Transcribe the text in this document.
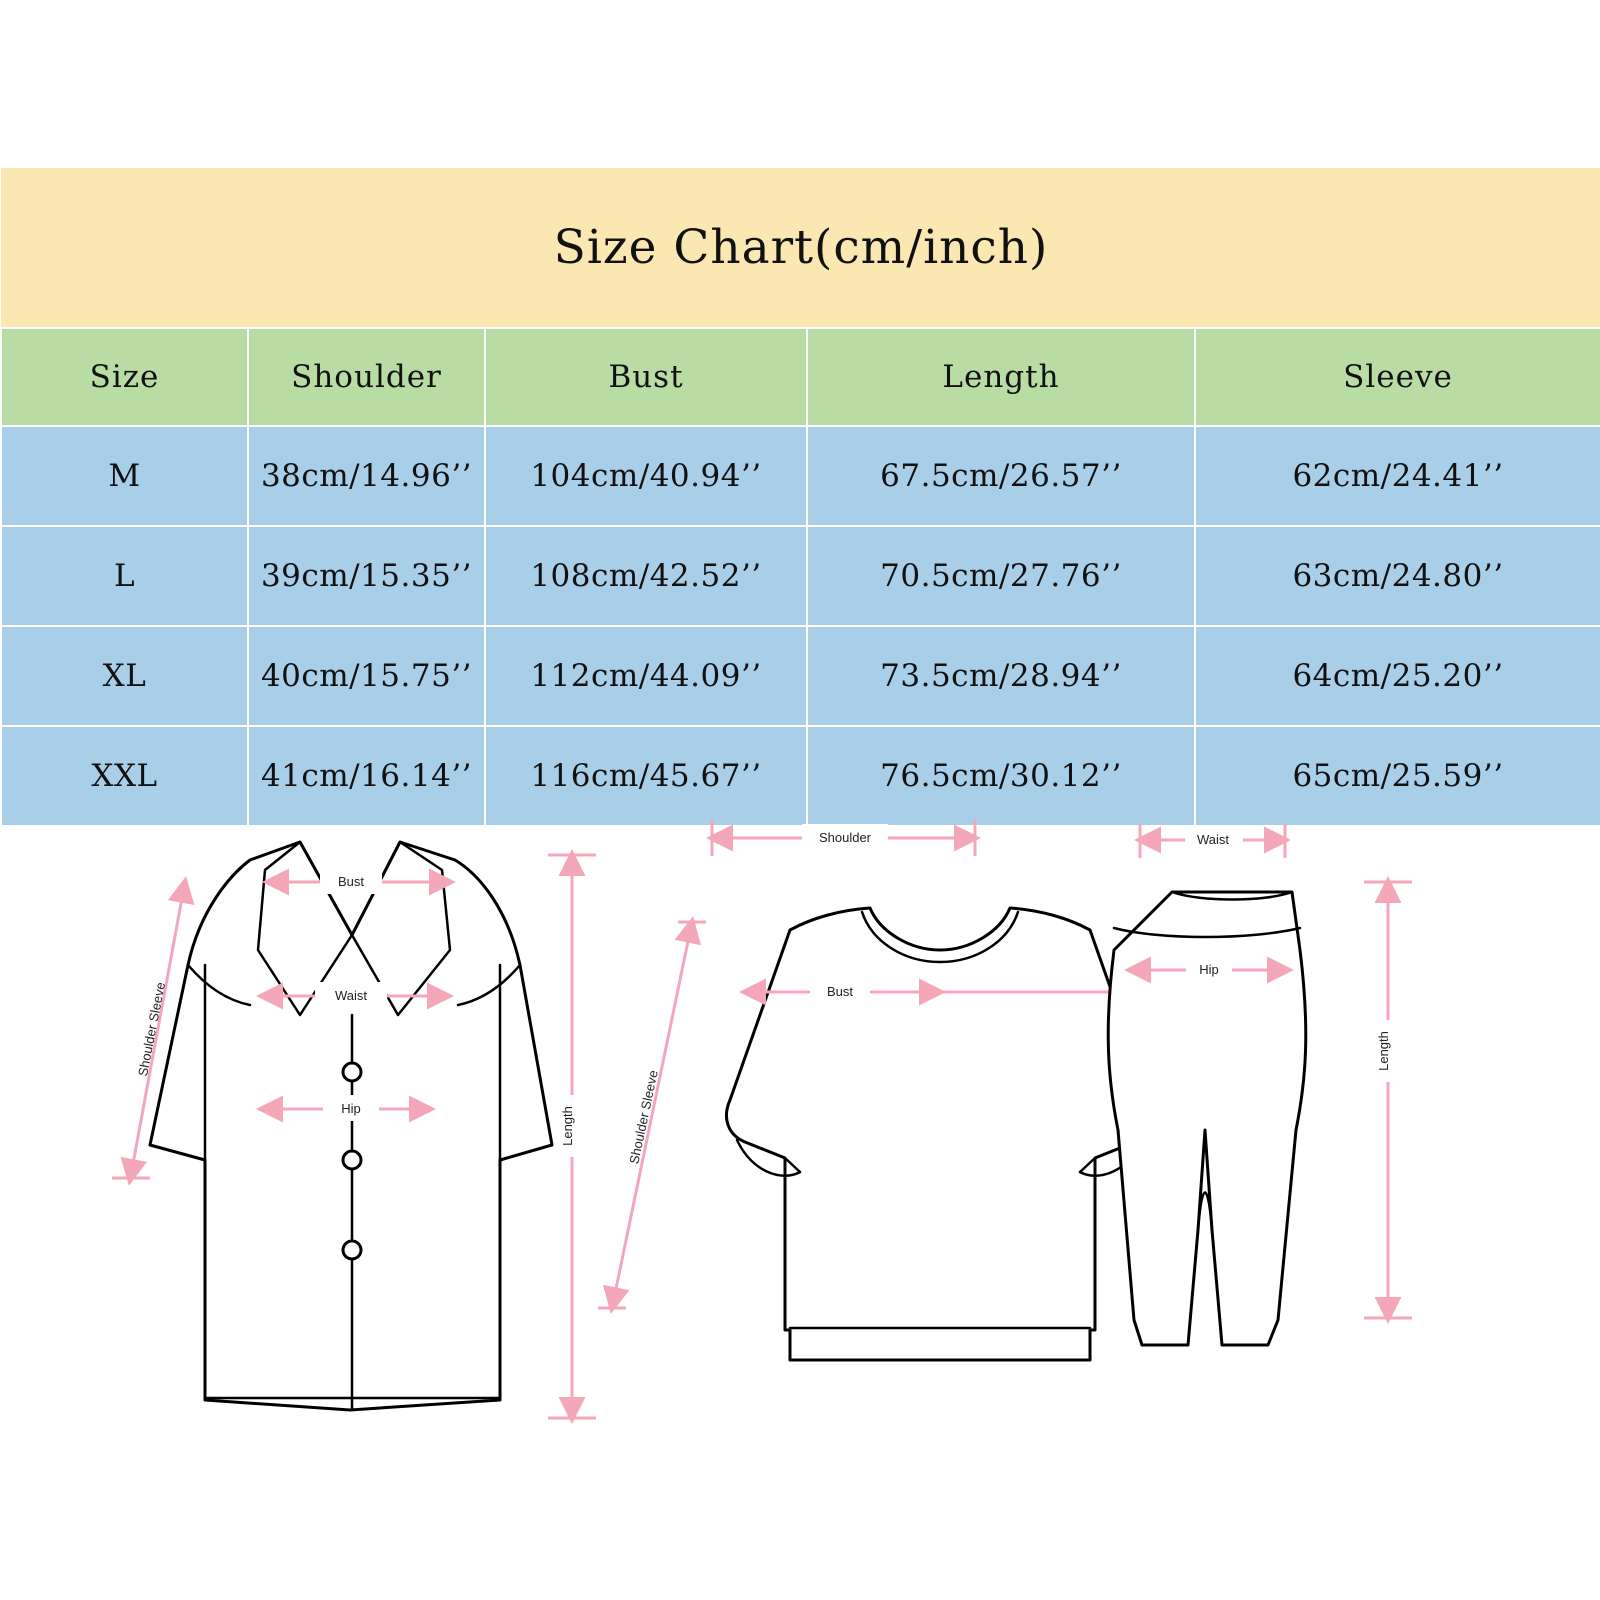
Size Chart(cm/inch)				
Size	Shoulder	Bust	Length	Sleeve
M	38cm/14.96’’	104cm/40.94’’	67.5cm/26.57’’	62cm/24.41’’
L	39cm/15.35’’	108cm/42.52’’	70.5cm/27.76’’	63cm/24.80’’
XL	40cm/15.75’’	112cm/44.09’’	73.5cm/28.94’’	64cm/25.20’’
XXL	41cm/16.14’’	116cm/45.67’’	76.5cm/30.12’’	65cm/25.59’’
Bust
Waist
Hip
Shoulder Sleeve
Length
Shoulder
Bust
Shoulder Sleeve
Waist
Hip
Length
